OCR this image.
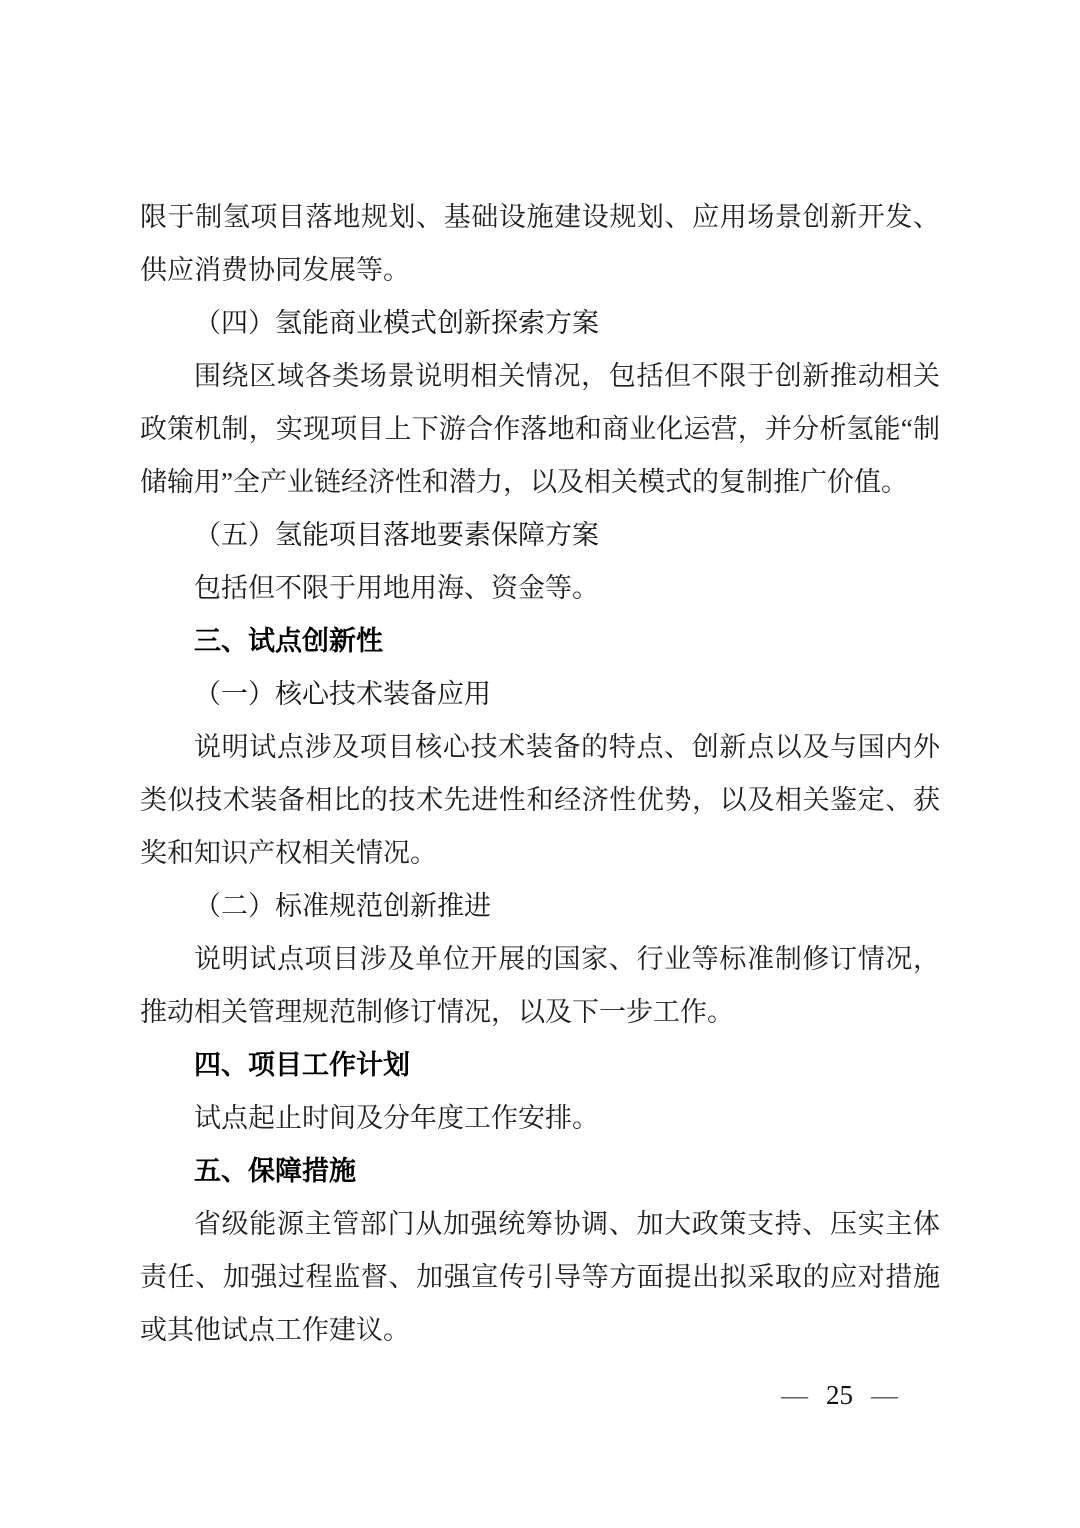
限于制氢项目落地规划、基础设施建设规划、应用场景创新开发、供应消费协同发展等。

（四）氢能商业模式创新探索方案

围绕区域各类场景说明相关情况，包括但不限于创新推动相关政策机制，实现项目上下游合作落地和商业化运营，并分析氢能“制储输用”全产业链经济性和潜力，以及相关模式的复制推广价值。

（五）氢能项目落地要素保障方案

包括但不限于用地用海、资金等。

三、试点创新性

（一）核心技术装备应用

说明试点涉及项目核心技术装备的特点、创新点以及与国内外类似技术装备相比的技术先进性和经济性优势，以及相关鉴定、获奖和知识产权相关情况。

（二）标准规范创新推进

说明试点项目涉及单位开展的国家、行业等标准制修订情况，推动相关管理规范制修订情况，以及下一步工作。

四、项目工作计划

试点起止时间及分年度工作安排。

五、保障措施

省级能源主管部门从加强统筹协调、加大政策支持、压实主体责任、加强过程监督、加强宣传引导等方面提出拟采取的应对措施或其他试点工作建议。

— 25 —
